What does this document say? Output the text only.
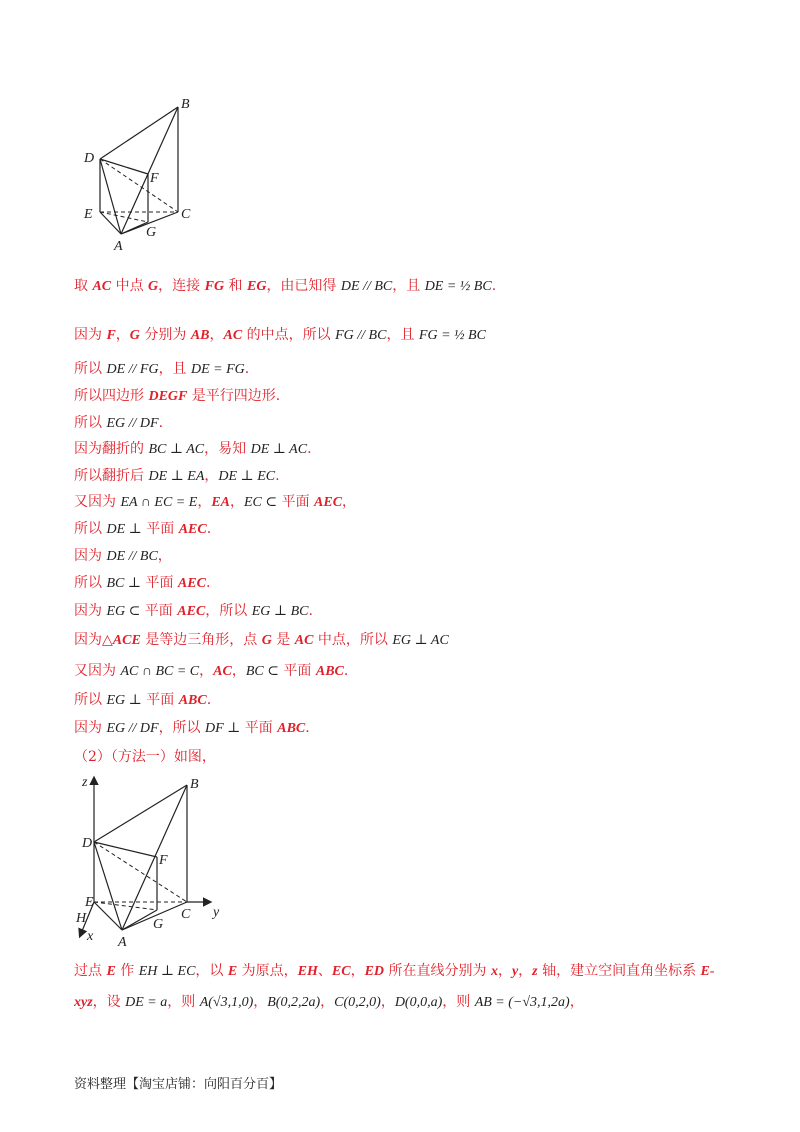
B
D
F
E	C
A
G
取 AC 中点 G，连接 FG 和 EG，由已知得 DE // BC，且 DE = ½ BC.
因为 F，G 分别为 AB，AC 的中点，所以 FG // BC，且 FG = ½ BC
所以 DE // FG，且 DE = FG.
所以四边形 DEGF 是平行四边形.
所以 EG // DF.
因为翻折的 BC ⊥ AC，易知 DE ⊥ AC.
所以翻折后 DE ⊥ EA，DE ⊥ EC.
又因为 EA ∩ EC = E，EA，EC ⊂ 平面 AEC，
所以 DE ⊥ 平面 AEC.
因为 DE // BC，
所以 BC ⊥ 平面 AEC.
因为 EG ⊂ 平面 AEC，所以 EG ⊥ BC.
因为△ACE 是等边三角形，点 G 是 AC 中点，所以 EG ⊥ AC
又因为 AC ∩ BC = C，AC，BC ⊂ 平面 ABC.
所以 EG ⊥ 平面 ABC.
因为 EG // DF，所以 DF ⊥ 平面 ABC.
（2）（方法一）如图，
z	B
D
F
E
C y
H
x A
G
过点 E 作 EH ⊥ EC，以 E 为原点，EH、EC，ED 所在直线分别为 x，y，z 轴，建立空间直角坐标系 E-
xyz，设 DE = a，则 A(√3,1,0)，B(0,2,2a)，C(0,2,0)，D(0,0,a)，则 AB = (−√3,1,2a)，
资料整理【淘宝店铺：向阳百分百】
